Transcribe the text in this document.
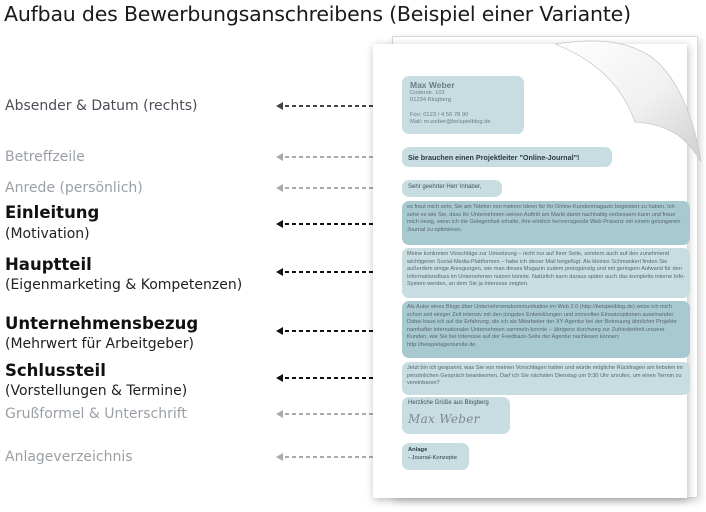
Aufbau des Bewerbungsanschreibens (Beispiel einer Variante)
Absender & Datum (rechts)
Betreffzeile
Anrede (persönlich)
Einleitung
(Motivation)
Hauptteil
(Eigenmarketing & Kompetenzen)
Unternehmensbezug
(Mehrwert für Arbeitgeber)
Schlussteil
(Vorstellungen & Termine)
Grußformel & Unterschrift
Anlageverzeichnis
Max Weber
Coderstr. 101
01234 Blogberg
Fon: 0123 / 4 56 78 90
Mail: m.weber@beispielblog.de
Sie brauchen einen Projektleiter "Online-Journal"!
Sehr geehrter Herr Inhaber,
es freut mich sehr, Sie am Telefon von meinen Ideen für Ihr Online-Kundenmagazin begeistert zu haben. Ich sehe es wie Sie, dass Ihr Unternehmen seinen Auftritt am Markt damit nachhaltig verbessern kann und freue mich riesig, wenn ich die Gelegenheit erhalte, ihre wirklich hervorragende Web-Präsenz mit einem gelungenen Journal zu optimieren.
Meine konkreten Vorschläge zur Umsetzung – nicht nur auf Ihrer Seite, sondern auch auf den zunehmend wichtigeren Social-Media-Plattformen – habe ich dieser Mail beigefügt. Als kleines Schmankerl finden Sie außerdem einige Anregungen, wie man dieses Magazin zudem preisgünstig und mit geringem Aufwand für den Informationsfluss im Unternehmen nutzen könnte. Natürlich kann daraus später auch das komplette interne Info-System werden, an dem Sie ja Interesse zeigten.
Als Autor eines Blogs über Unternehmenskommunikation im Web 2.0 (http://beispielblog.de) setze ich mich schon seit einiger Zeit intensiv mit den jüngsten Entwicklungen und sinnvollen Einsatzoptionen auseinander. Dabei baue ich auf die Erfahrung, die ich als Mitarbeiter der XY-Agentur bei der Betreuung ähnlicher Projekte namhafter internationaler Unternehmen sammeln konnte – übrigens durchweg zur Zufriedenheit unserer Kunden, wie Sie bei Interesse auf der Feedback-Seite der Agentur nachlesen können: http://beispielagentursite.de.
Jetzt bin ich gespannt, was Sie von meinen Vorschlägen halten und würde mögliche Rückfragen am liebsten im persönlichen Gespräch beantworten. Darf ich Sie nächsten Dienstag um 9:30 Uhr anrufen, um einen Termin zu vereinbaren?
Herzliche Grüße aus Blogberg
Max Weber
Anlage
- Journal-Konzepte
